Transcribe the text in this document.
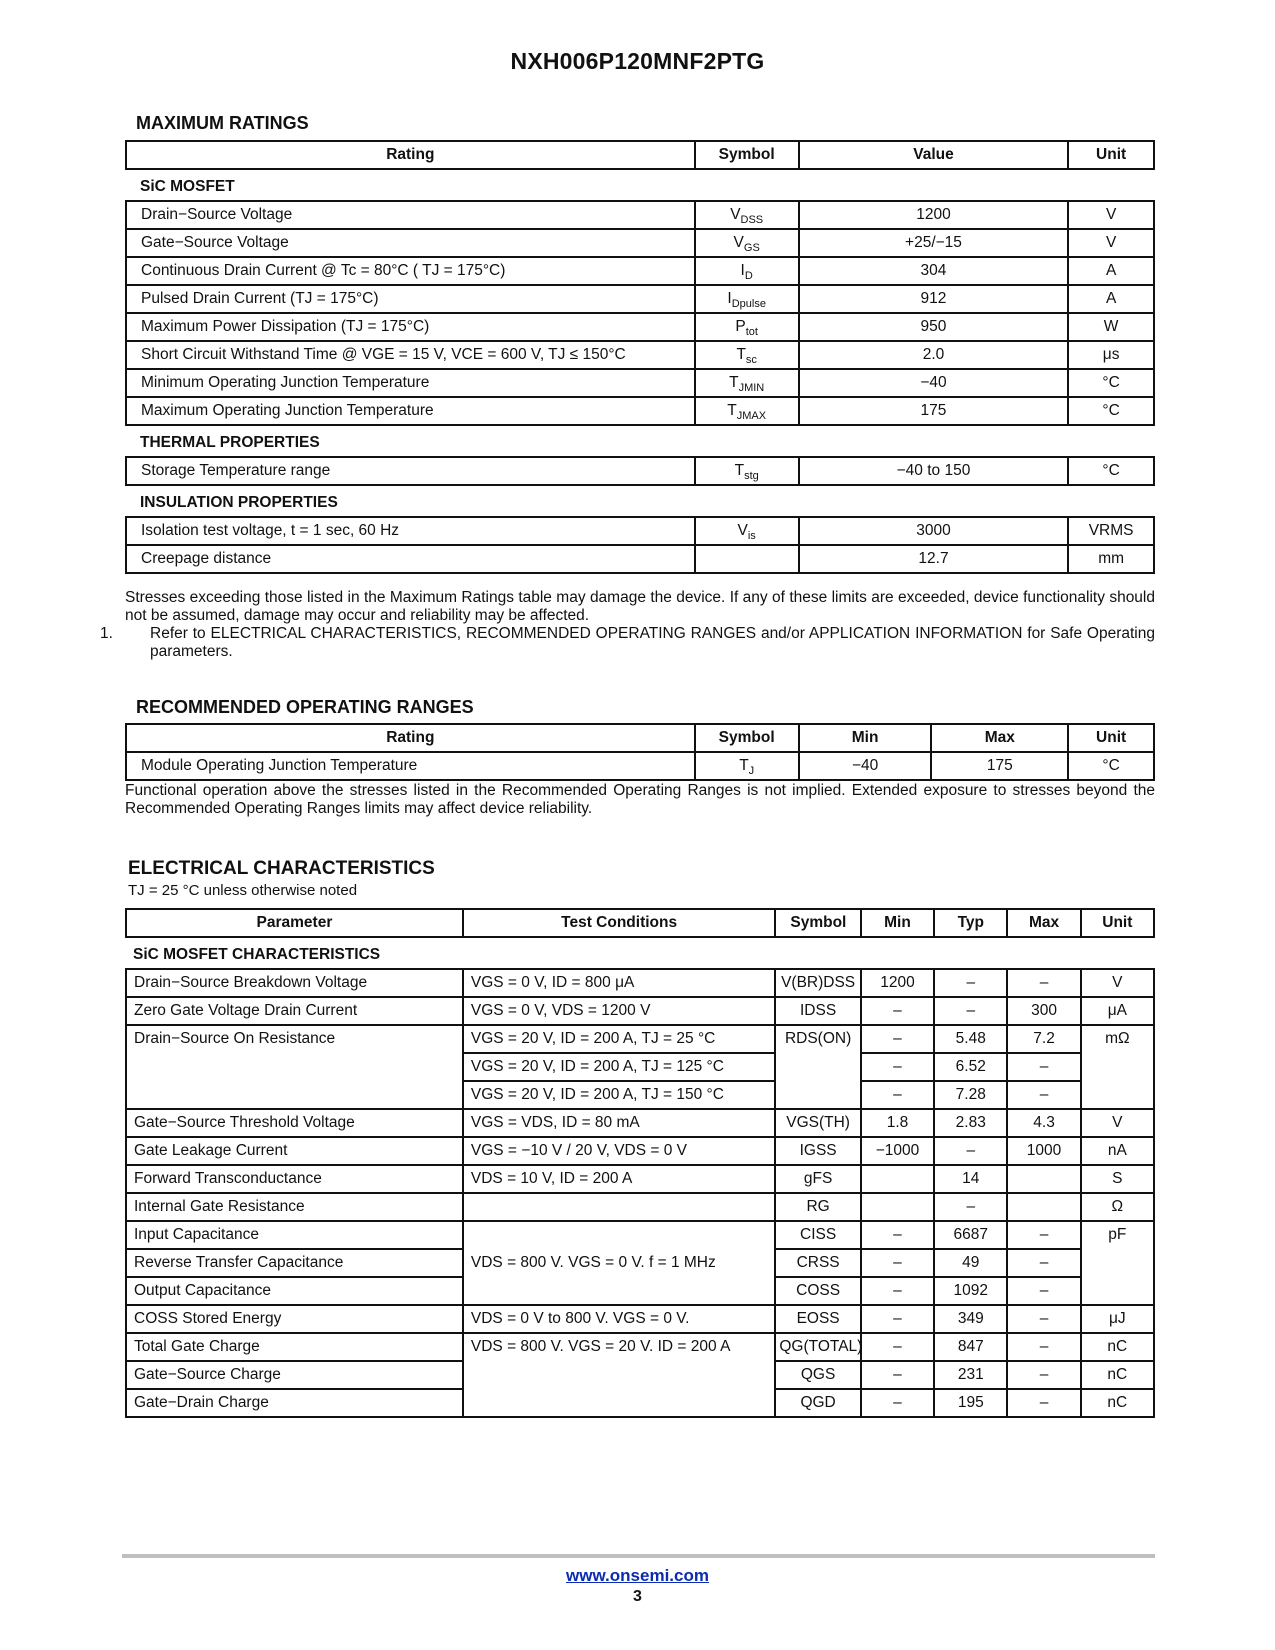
NXH006P120MNF2PTG
MAXIMUM RATINGS
Rating	Symbol	Value	Unit
SiC MOSFET			
Drain−Source Voltage	$V_{DSS}$	1200	V
Gate−Source Voltage	$V_{GS}$	+25/−15	V
Continuous Drain Current @ Tc = 80°C ( TJ = 175°C)	$I_D$	304	A
Pulsed Drain Current (TJ = 175°C)	$I_{Dpulse}$	912	A
Maximum Power Dissipation (TJ = 175°C)	$P_{tot}$	950	W
Short Circuit Withstand Time @ VGE = 15 V, VCE = 600 V, TJ ≤ 150°C	$T_{sc}$	2.0	μs
Minimum Operating Junction Temperature	$T_{JMIN}$	−40	°C
Maximum Operating Junction Temperature	$T_{JMAX}$	175	°C
THERMAL PROPERTIES			
Storage Temperature range	$T_{stg}$	−40 to 150	°C
INSULATION PROPERTIES			
Isolation test voltage, t = 1 sec, 60 Hz	$V_{is}$	3000	VRMS
Creepage distance		12.7	mm
Stresses exceeding those listed in the Maximum Ratings table may damage the device. If any of these limits are exceeded, device functionality should not be assumed, damage may occur and reliability may be affected.
1. Refer to ELECTRICAL CHARACTERISTICS, RECOMMENDED OPERATING RANGES and/or APPLICATION INFORMATION for Safe Operating parameters.
RECOMMENDED OPERATING RANGES
Rating	Symbol	Min	Max	Unit
Module Operating Junction Temperature	$T_J$	−40	175	°C
Functional operation above the stresses listed in the Recommended Operating Ranges is not implied. Extended exposure to stresses beyond the Recommended Operating Ranges limits may affect device reliability.
ELECTRICAL CHARACTERISTICS
TJ = 25 °C unless otherwise noted
Parameter	Test Conditions	Symbol	Min	Typ	Max	Unit
SiC MOSFET CHARACTERISTICS						
Drain−Source Breakdown Voltage	VGS = 0 V, ID = 800 μA	V(BR)DSS	1200	–	–	V
Zero Gate Voltage Drain Current	VGS = 0 V, VDS = 1200 V	IDSS	–	–	300	μA
Drain−Source On Resistance	VGS = 20 V, ID = 200 A, TJ = 25 °C	RDS(ON)	–	5.48	7.2	mΩ
	VGS = 20 V, ID = 200 A, TJ = 125 °C		–	6.52	–	
	VGS = 20 V, ID = 200 A, TJ = 150 °C		–	7.28	–	
Gate−Source Threshold Voltage	VGS = VDS, ID = 80 mA	VGS(TH)	1.8	2.83	4.3	V
Gate Leakage Current	VGS = −10 V / 20 V, VDS = 0 V	IGSS	−1000	–	1000	nA
Forward Transconductance	VDS = 10 V, ID = 200 A	gFS		14		S
Internal Gate Resistance		RG		–		Ω
Input Capacitance	VDS = 800 V. VGS = 0 V. f = 1 MHz	CISS	–	6687	–	pF
Reverse Transfer Capacitance		CRSS	–	49	–	
Output Capacitance		COSS	–	1092	–	
COSS Stored Energy	VDS = 0 V to 800 V. VGS = 0 V.	EOSS	–	349	–	μJ
Total Gate Charge	VDS = 800 V. VGS = 20 V. ID = 200 A	QG(TOTAL)	–	847	–	nC
Gate−Source Charge		QGS	–	231	–	nC
Gate−Drain Charge		QGD	–	195	–	nC
www.onsemi.com
3
